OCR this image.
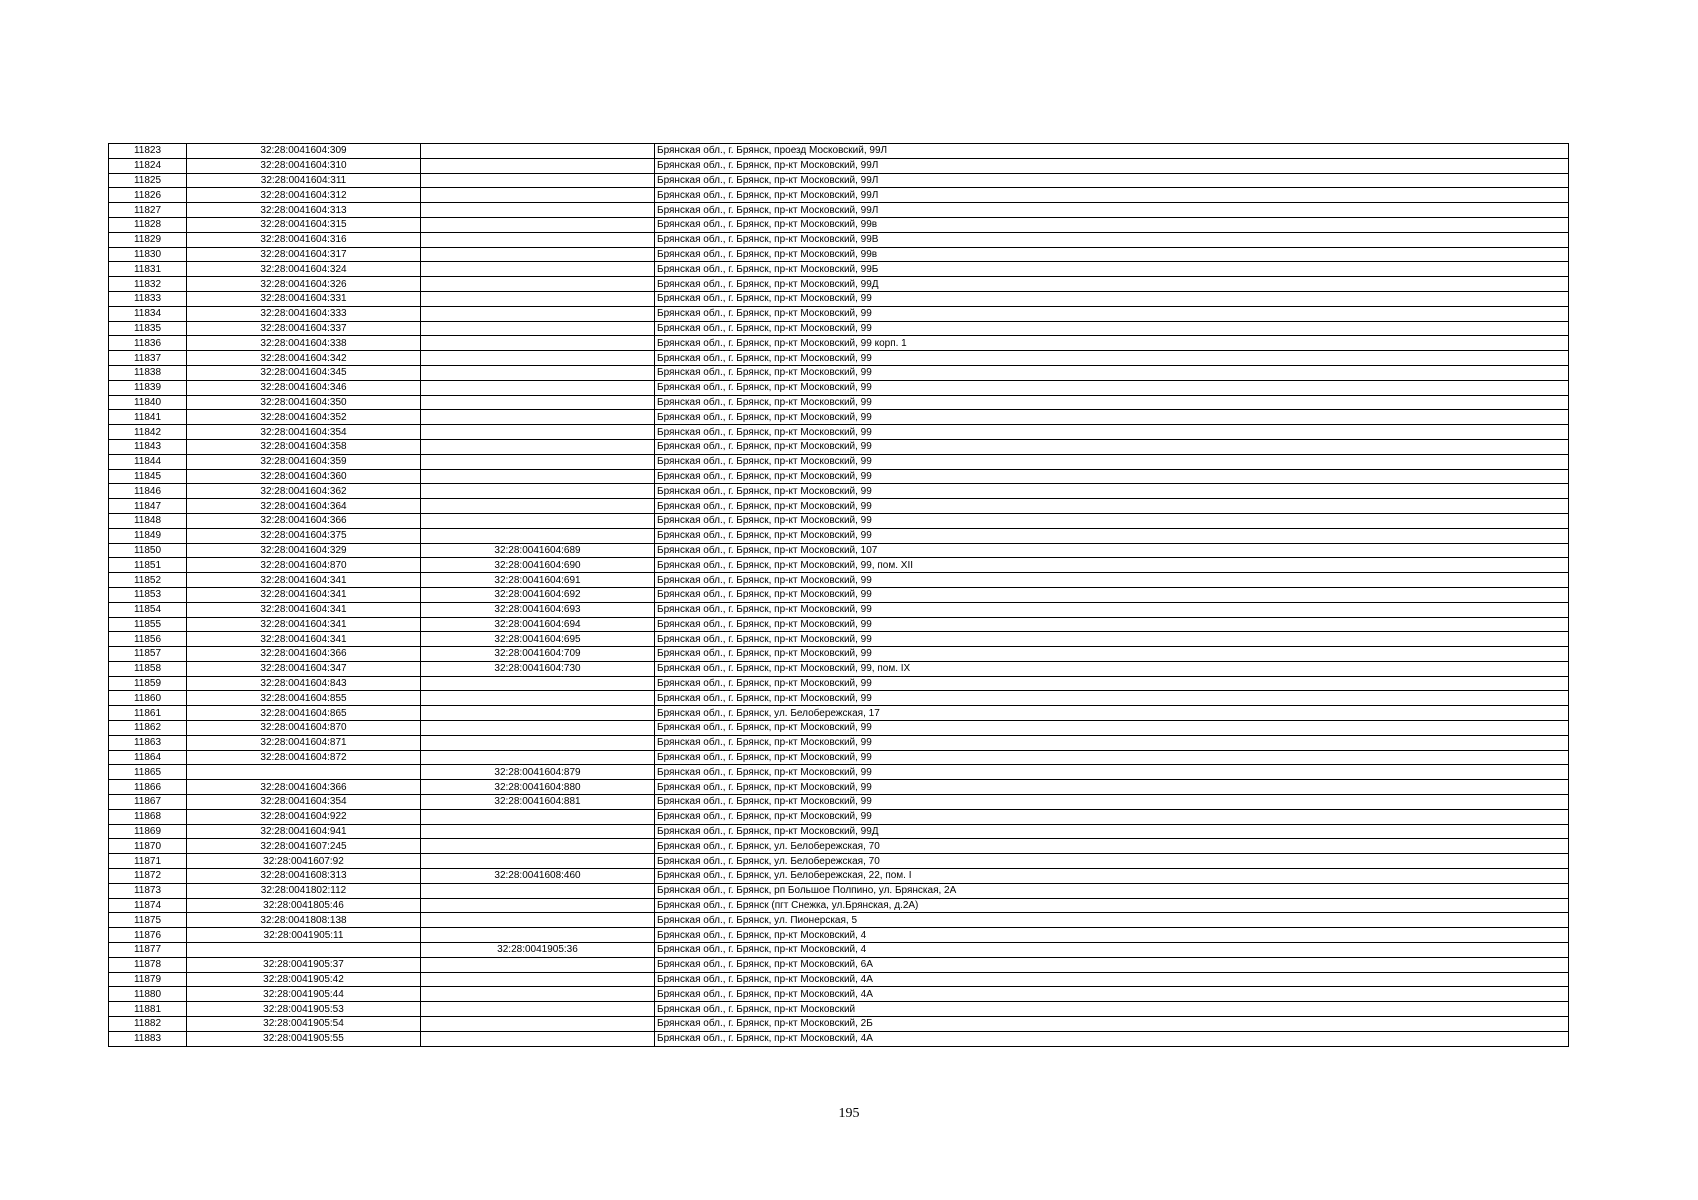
11823	32:28:0041604:309		Брянская обл., г. Брянск, проезд Московский, 99Л
11824	32:28:0041604:310		Брянская обл., г. Брянск, пр-кт Московский, 99Л
11825	32:28:0041604:311		Брянская обл., г. Брянск, пр-кт Московский, 99Л
11826	32:28:0041604:312		Брянская обл., г. Брянск, пр-кт Московский, 99Л
11827	32:28:0041604:313		Брянская обл., г. Брянск, пр-кт Московский, 99Л
11828	32:28:0041604:315		Брянская обл., г. Брянск, пр-кт Московский, 99в
11829	32:28:0041604:316		Брянская обл., г. Брянск, пр-кт Московский, 99В
11830	32:28:0041604:317		Брянская обл., г. Брянск, пр-кт Московский, 99в
11831	32:28:0041604:324		Брянская обл., г. Брянск, пр-кт Московский, 99Б
11832	32:28:0041604:326		Брянская обл., г. Брянск, пр-кт Московский, 99Д
11833	32:28:0041604:331		Брянская обл., г. Брянск, пр-кт Московский, 99
11834	32:28:0041604:333		Брянская обл., г. Брянск, пр-кт Московский, 99
11835	32:28:0041604:337		Брянская обл., г. Брянск, пр-кт Московский, 99
11836	32:28:0041604:338		Брянская обл., г. Брянск, пр-кт Московский, 99 корп. 1
11837	32:28:0041604:342		Брянская обл., г. Брянск, пр-кт Московский, 99
11838	32:28:0041604:345		Брянская обл., г. Брянск, пр-кт Московский, 99
11839	32:28:0041604:346		Брянская обл., г. Брянск, пр-кт Московский, 99
11840	32:28:0041604:350		Брянская обл., г. Брянск, пр-кт Московский, 99
11841	32:28:0041604:352		Брянская обл., г. Брянск, пр-кт Московский, 99
11842	32:28:0041604:354		Брянская обл., г. Брянск, пр-кт Московский, 99
11843	32:28:0041604:358		Брянская обл., г. Брянск, пр-кт Московский, 99
11844	32:28:0041604:359		Брянская обл., г. Брянск, пр-кт Московский, 99
11845	32:28:0041604:360		Брянская обл., г. Брянск, пр-кт Московский, 99
11846	32:28:0041604:362		Брянская обл., г. Брянск, пр-кт Московский, 99
11847	32:28:0041604:364		Брянская обл., г. Брянск, пр-кт Московский, 99
11848	32:28:0041604:366		Брянская обл., г. Брянск, пр-кт Московский, 99
11849	32:28:0041604:375		Брянская обл., г. Брянск, пр-кт Московский, 99
11850	32:28:0041604:329	32:28:0041604:689	Брянская обл., г. Брянск, пр-кт Московский, 107
11851	32:28:0041604:870	32:28:0041604:690	Брянская обл., г. Брянск, пр-кт Московский, 99, пом. XII
11852	32:28:0041604:341	32:28:0041604:691	Брянская обл., г. Брянск, пр-кт Московский, 99
11853	32:28:0041604:341	32:28:0041604:692	Брянская обл., г. Брянск, пр-кт Московский, 99
11854	32:28:0041604:341	32:28:0041604:693	Брянская обл., г. Брянск, пр-кт Московский, 99
11855	32:28:0041604:341	32:28:0041604:694	Брянская обл., г. Брянск, пр-кт Московский, 99
11856	32:28:0041604:341	32:28:0041604:695	Брянская обл., г. Брянск, пр-кт Московский, 99
11857	32:28:0041604:366	32:28:0041604:709	Брянская обл., г. Брянск, пр-кт Московский, 99
11858	32:28:0041604:347	32:28:0041604:730	Брянская обл., г. Брянск, пр-кт Московский, 99, пом. IX
11859	32:28:0041604:843		Брянская обл., г. Брянск, пр-кт Московский, 99
11860	32:28:0041604:855		Брянская обл., г. Брянск, пр-кт Московский, 99
11861	32:28:0041604:865		Брянская обл., г. Брянск, ул. Белобережская, 17
11862	32:28:0041604:870		Брянская обл., г. Брянск, пр-кт Московский, 99
11863	32:28:0041604:871		Брянская обл., г. Брянск, пр-кт Московский, 99
11864	32:28:0041604:872		Брянская обл., г. Брянск, пр-кт Московский, 99
11865		32:28:0041604:879	Брянская обл., г. Брянск, пр-кт Московский, 99
11866	32:28:0041604:366	32:28:0041604:880	Брянская обл., г. Брянск, пр-кт Московский, 99
11867	32:28:0041604:354	32:28:0041604:881	Брянская обл., г. Брянск, пр-кт Московский, 99
11868	32:28:0041604:922		Брянская обл., г. Брянск, пр-кт Московский, 99
11869	32:28:0041604:941		Брянская обл., г. Брянск, пр-кт Московский, 99Д
11870	32:28:0041607:245		Брянская обл., г. Брянск, ул. Белобережская, 70
11871	32:28:0041607:92		Брянская обл., г. Брянск, ул. Белобережская, 70
11872	32:28:0041608:313	32:28:0041608:460	Брянская обл., г. Брянск, ул. Белобережская, 22, пом. I
11873	32:28:0041802:112		Брянская обл., г. Брянск, рп Большое Полпино, ул. Брянская, 2А
11874	32:28:0041805:46		Брянская обл., г. Брянск (пгт Снежка, ул.Брянская, д.2А)
11875	32:28:0041808:138		Брянская обл., г. Брянск, ул. Пионерская, 5
11876	32:28:0041905:11		Брянская обл., г. Брянск, пр-кт Московский, 4
11877		32:28:0041905:36	Брянская обл., г. Брянск, пр-кт Московский, 4
11878	32:28:0041905:37		Брянская обл., г. Брянск, пр-кт Московский, 6А
11879	32:28:0041905:42		Брянская обл., г. Брянск, пр-кт Московский, 4А
11880	32:28:0041905:44		Брянская обл., г. Брянск, пр-кт Московский, 4А
11881	32:28:0041905:53		Брянская обл., г. Брянск, пр-кт Московский
11882	32:28:0041905:54		Брянская обл., г. Брянск, пр-кт Московский, 2Б
11883	32:28:0041905:55		Брянская обл., г. Брянск, пр-кт Московский, 4А
195
